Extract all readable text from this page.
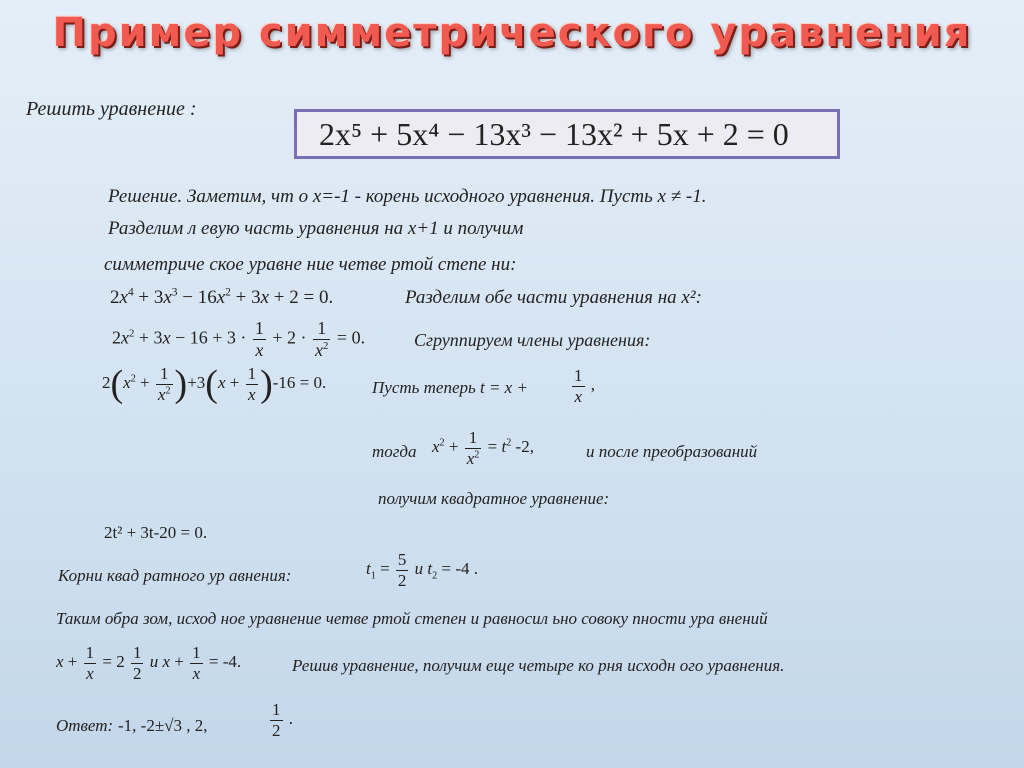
Пример симметрического уравнения
Решить уравнение :
2x⁵ + 5x⁴ − 13x³ − 13x² + 5x + 2 = 0
Решение. Заметим, чт о x=-1 - корень исходного уравнения. Пусть x ≠ -1.
Разделим л евую часть уравнения на x+1 и получим
симметриче ское уравне ние четве ртой степе ни:
$2x^4 + 3x^3 - 16x^2 + 3x + 2 = 0$.	Разделим обе части уравнения на x²:
$2x^2 + 3x - 16 + 3 \cdot \frac{1}{x} + 2 \cdot \frac{1}{x^2} = 0$.	Сгруппируем члены уравнения:
$2(x^2 + \frac{1}{x^2} )+3(x + \frac{1}{x} )-16 = 0$.	Пусть теперь t = x +	$\frac{1}{x}$ ,
тогда $x^2 + \frac{1}{x^2} = t^2$ -2,	и после преобразований
получим квадратное уравнение:
2t² + 3t-20 = 0.
Корни квад ратного ур авнения:	$t_1 = \frac{5}{2}$ и $t_2 = -4$ .
Таким обра зом, исход ное уравнение четве ртой степен и равносил ьно совоку пности ура внений
$x + \frac{1}{x} = 2 \frac{1}{2}$ и $x + \frac{1}{x} = -4$.	Решив уравнение, получим еще четыре ко рня исходн ого уравнения.
Ответ: -1, -2±√3 , 2,	$\frac{1}{2}$ .
